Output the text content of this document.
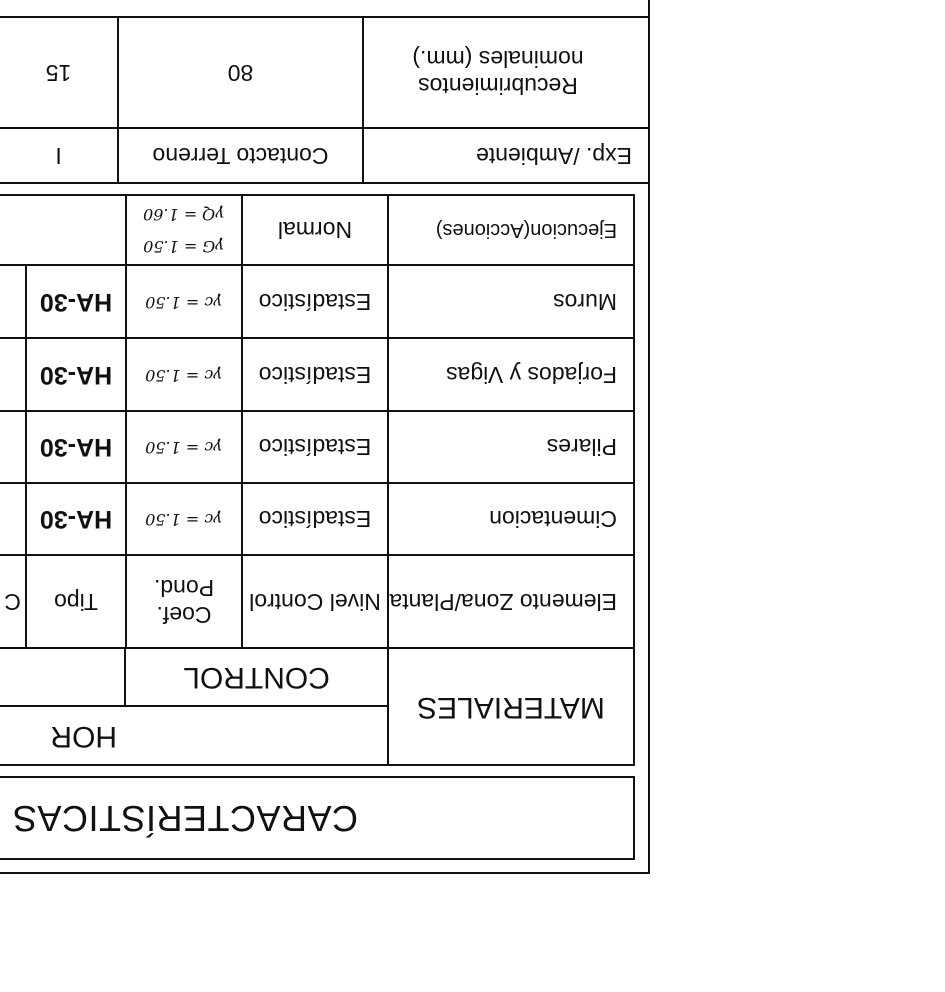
CARACTERÍSTICAS
MATERIALES
HOR
CONTROL
Elemento Zona/Planta
Nivel Control
Coef. Pond.
Tipo
C
Cimentacion
Estadístico
γc = 1.50
HA-30
Pilares
Estadístico
γc = 1.50
HA-30
Forjados y Vigas
Estadístico
γc = 1.50
HA-30
Muros
Estadístico
γc = 1.50
HA-30
Ejecucion(Acciones)
Normal
γG = 1.50
γQ = 1.60
Exp. /Ambiente
Contacto Terreno
I
Recubrimientos nominales (mm.)
80
15
